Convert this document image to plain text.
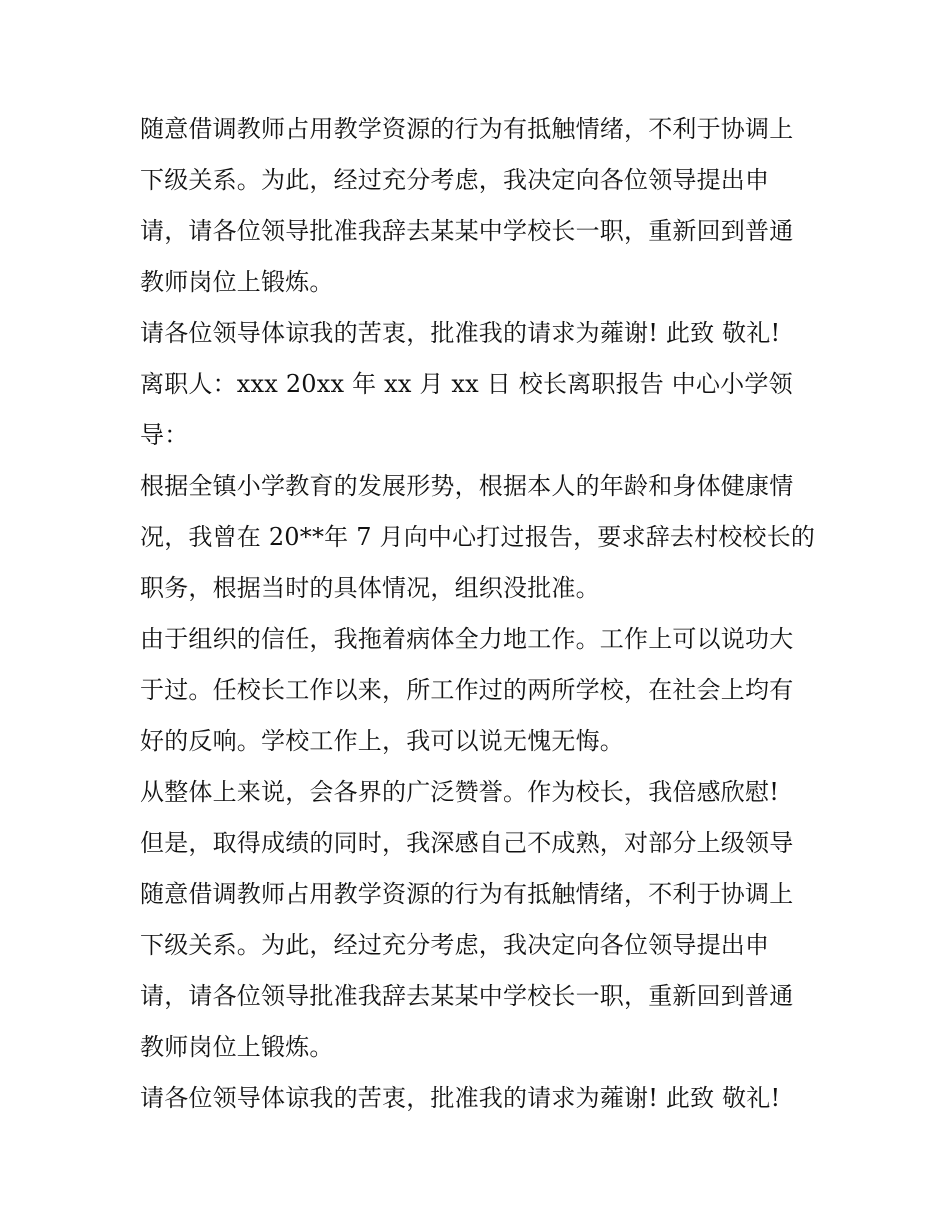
随意借调教师占用教学资源的行为有抵触情绪，不利于协调上
下级关系。为此，经过充分考虑，我决定向各位领导提出申
请，请各位领导批准我辞去某某中学校长一职，重新回到普通
教师岗位上锻炼。
请各位领导体谅我的苦衷，批准我的请求为蕹谢! 此致 敬礼!
离职人：xxx 20xx 年 xx 月 xx 日 校长离职报告 中心小学领
导：
根据全镇小学教育的发展形势，根据本人的年龄和身体健康情
况，我曾在 20**年 7 月向中心打过报告，要求辞去村校校长的
职务，根据当时的具体情况，组织没批准。
由于组织的信任，我拖着病体全力地工作。工作上可以说功大
于过。任校长工作以来，所工作过的两所学校，在社会上均有
好的反响。学校工作上，我可以说无愧无悔。
从整体上来说，会各界的广泛赞誉。作为校长，我倍感欣慰!
但是，取得成绩的同时，我深感自己不成熟，对部分上级领导
随意借调教师占用教学资源的行为有抵触情绪，不利于协调上
下级关系。为此，经过充分考虑，我决定向各位领导提出申
请，请各位领导批准我辞去某某中学校长一职，重新回到普通
教师岗位上锻炼。
请各位领导体谅我的苦衷，批准我的请求为蕹谢! 此致 敬礼!
